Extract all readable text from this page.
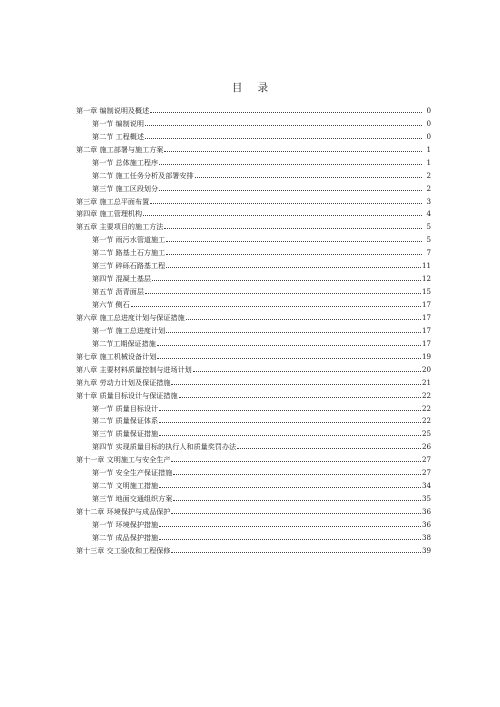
目 录
第一章 编制说明及概述	0
第一节 编制说明	0
第二节 工程概述	0
第二章 施工部署与施工方案	1
第一节 总体施工程序	1
第二节 施工任务分析及部署安排	2
第三节 施工区段划分	2
第三章 施工总平面布置	3
第四章 施工管理机构	4
第五章 主要项目的施工方法	5
第一节 雨污水管道施工	5
第二节 路基土石方施工	7
第三节 碎砾石路基工程	11
第四节 混凝土基层	12
第五节 沥青面层	15
第六节 侧石	17
第六章 施工总进度计划与保证措施	17
第一节 施工总进度计划	17
第二节工期保证措施	17
第七章 施工机械设备计划	19
第八章 主要材料质量控制与进场计划	20
第九章 劳动力计划及保证措施	21
第十章 质量目标设计与保证措施	22
第一节 质量目标设计	22
第二节 质量保证体系	22
第三节 质量保证措施	25
第四节 实现质量目标的执行人和质量奖罚办法	26
第十一章 文明施工与安全生产	27
第一节 安全生产保证措施	27
第二节 文明施工措施	34
第三节 地面交通组织方案	35
第十二章 环境保护与成品保护	36
第一节 环境保护措施	36
第二节 成品保护措施	38
第十三章 交工验收和工程保修	39
